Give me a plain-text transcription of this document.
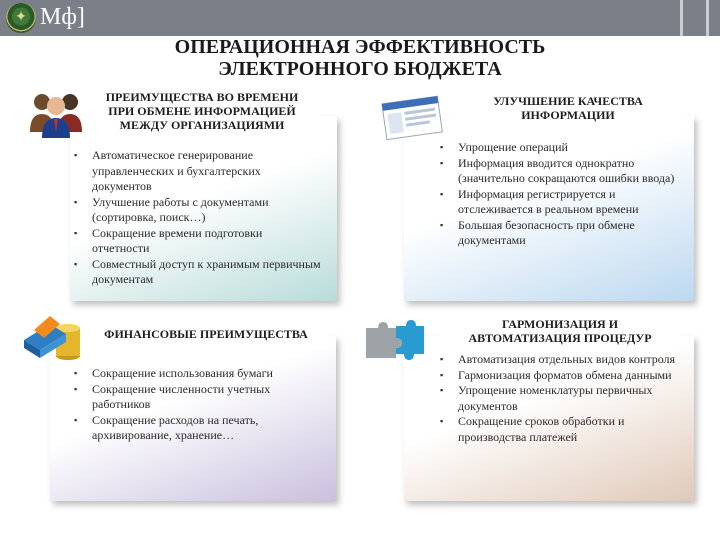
✦
Мф]
ОПЕРАЦИОННАЯ ЭФФЕКТИВНОСТЬ
ЭЛЕКТРОННОГО БЮДЖЕТА
ПРЕИМУЩЕСТВА ВО ВРЕМЕНИ
ПРИ ОБМЕНЕ ИНФОРМАЦИЕЙ
МЕЖДУ ОРГАНИЗАЦИЯМИ
УЛУЧШЕНИЕ КАЧЕСТВА
ИНФОРМАЦИИ
ФИНАНСОВЫЕ ПРЕИМУЩЕСТВА
ГАРМОНИЗАЦИЯ И
АВТОМАТИЗАЦИЯ ПРОЦЕДУР
▪ Автоматическое генерирование управленческих и бухгалтерских документов
▪ Улучшение работы с документами (сортировка, поиск…)
▪ Сокращение времени подготовки отчетности
▪ Совместный доступ к хранимым первичным документам
▪ Упрощение операций
▪ Информация вводится однократно (значительно сокращаются ошибки ввода)
▪ Информация регистрируется и отслеживается в реальном времени
▪ Большая безопасность при обмене документами
▪ Сокращение использования бумаги
▪ Сокращение численности учетных работников
▪ Сокращение расходов на печать, архивирование, хранение…
▪ Автоматизация отдельных видов контроля
▪ Гармонизация форматов обмена данными
▪ Упрощение номенклатуры первичных документов
▪ Сокращение сроков обработки и производства платежей
